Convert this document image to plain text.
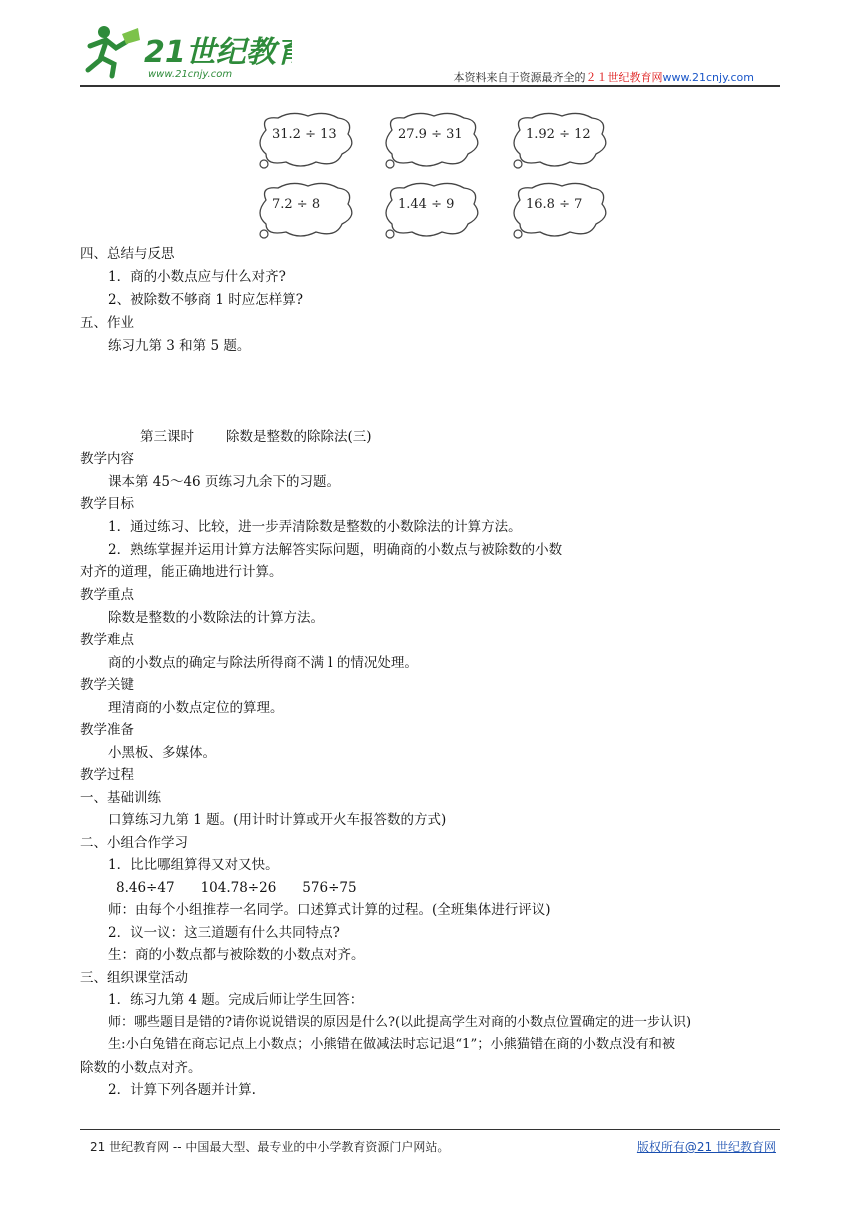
21世纪教育
www.21cnjy.com	本资料来自于资源最齐全的２１世纪教育网www.21cnjy.com
31.2 ÷ 13	27.9 ÷ 31	1.92 ÷ 12
7.2 ÷ 8	1.44 ÷ 9	16.8 ÷ 7
四、总结与反思
1．商的小数点应与什么对齐?
2、被除数不够商 1 时应怎样算?
五、作业
练习九第 3 和第 5 题。
第三课时 除数是整数的除除法(三)
教学内容
课本第 45～46 页练习九余下的习题。
教学目标
1．通过练习、比较，进一步弄清除数是整数的小数除法的计算方法。
2．熟练掌握并运用计算方法解答实际问题，明确商的小数点与被除数的小数
对齐的道理，能正确地进行计算。
教学重点
除数是整数的小数除法的计算方法。
教学难点
商的小数点的确定与除法所得商不满 l 的情况处理。
教学关键
理清商的小数点定位的算理。
教学准备
小黑板、多媒体。
教学过程
一、基础训练
口算练习九第 1 题。(用计时计算或开火车报答数的方式)
二、小组合作学习
1．比比哪组算得又对又快。
8.46÷47 104.78÷26 576÷75
师：由每个小组推荐一名同学。口述算式计算的过程。(全班集体进行评议)
2．议一议：这三道题有什么共同特点?
生：商的小数点都与被除数的小数点对齐。
三、组织课堂活动
1．练习九第 4 题。完成后师让学生回答：
师：哪些题目是错的?请你说说错误的原因是什么?(以此提高学生对商的小数点位置确定的进一步认识)
生:小白兔错在商忘记点上小数点；小熊错在做减法时忘记退“1”；小熊猫错在商的小数点没有和被
除数的小数点对齐。
2．计算下列各题并计算.
21 世纪教育网 -- 中国最大型、最专业的中小学教育资源门户网站。	版权所有@21 世纪教育网
